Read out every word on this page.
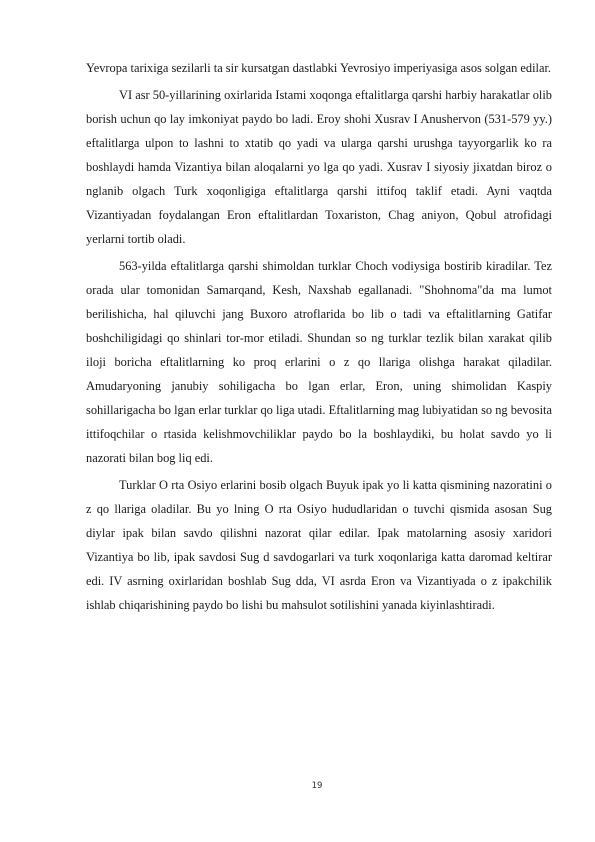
Yevropa tarixiga sezilarli ta sir kursatgan dastlabki Yevrosiyo imperiyasiga asos solgan edilar.

VI asr 50-yillarining oxirlarida Istami xoqonga eftalitlarga qarshi harbiy harakatlar olib borish uchun qo lay imkoniyat paydo bo ladi. Eroy shohi Xusrav I Anushervon (531-579 yy.) eftalitlarga ulpon to lashni to xtatib qo yadi va ularga qarshi urushga tayyorgarlik ko ra boshlaydi hamda Vizantiya bilan aloqalarni yo lga qo yadi. Xusrav I siyosiy jixatdan biroz o nglanib olgach Turk xoqonligiga eftalitlarga qarshi ittifoq taklif etadi. Ayni vaqtda Vizantiyadan foydalangan Eron eftalitlardan Toxariston, Chag aniyon, Qobul atrofidagi yerlarni tortib oladi.

563-yilda eftalitlarga qarshi shimoldan turklar Choch vodiysiga bostirib kiradilar. Tez orada ular tomonidan Samarqand, Kesh, Naxshab egallanadi. "Shohnoma"da ma lumot berilishicha, hal qiluvchi jang Buxoro atroflarida bo lib o tadi va eftalitlarning Gatifar boshchiligidagi qo shinlari tor-mor etiladi. Shundan so ng turklar tezlik bilan xarakat qilib iloji boricha eftalitlarning ko proq erlarini o z qo llariga olishga harakat qiladilar. Amudaryoning janubiy sohiligacha bo lgan erlar, Eron, uning shimolidan Kaspiy sohillarigacha bo lgan erlar turklar qo liga utadi. Eftalitlarning mag lubiyatidan so ng bevosita ittifoqchilar o rtasida kelishmovchiliklar paydo bo la boshlaydiki, bu holat savdo yo li nazorati bilan bog liq edi.

Turklar O rta Osiyo erlarini bosib olgach Buyuk ipak yo li katta qismining nazoratini o z qo llariga oladilar. Bu yo lning O rta Osiyo hududlaridan o tuvchi qismida asosan Sug diylar ipak bilan savdo qilishni nazorat qilar edilar. Ipak matolarning asosiy xaridori Vizantiya bo lib, ipak savdosi Sug d savdogarlari va turk xoqonlariga katta daromad keltirar edi. IV asrning oxirlaridan boshlab Sug dda, VI asrda Eron va Vizantiyada o z ipakchilik ishlab chiqarishining paydo bo lishi bu mahsulot sotilishini yanada kiyinlashtiradi.

19
